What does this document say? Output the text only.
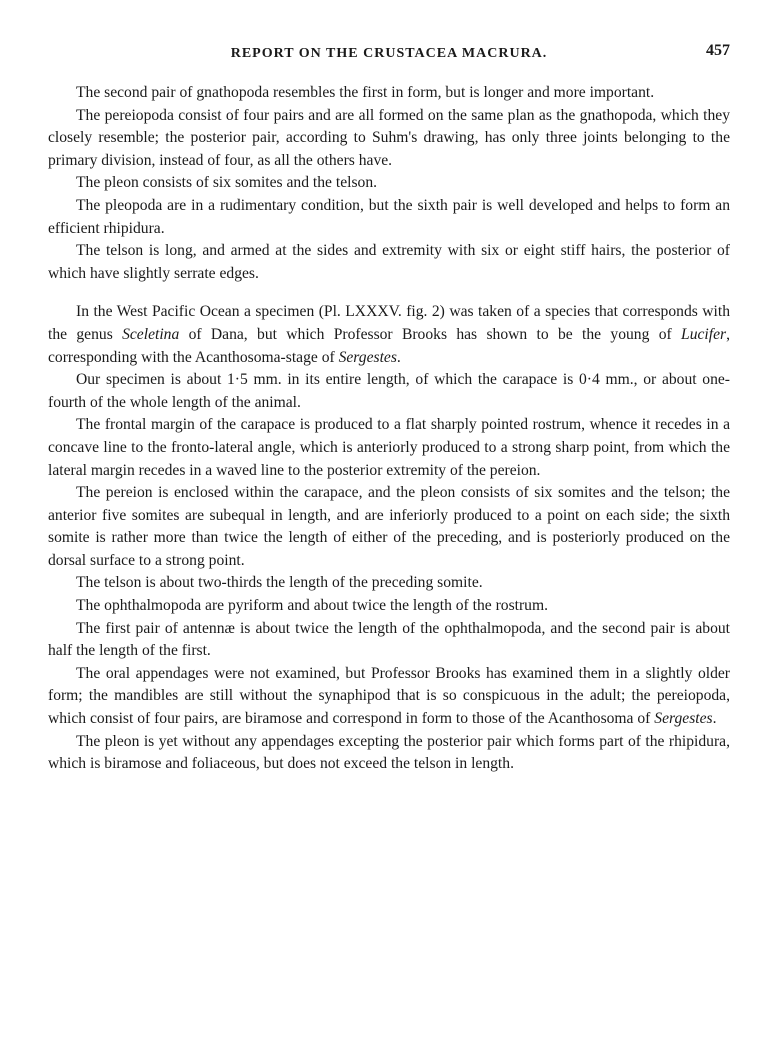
REPORT ON THE CRUSTACEA MACRURA.	457

The second pair of gnathopoda resembles the first in form, but is longer and more important.

The pereiopoda consist of four pairs and are all formed on the same plan as the gnathopoda, which they closely resemble; the posterior pair, according to Suhm's drawing, has only three joints belonging to the primary division, instead of four, as all the others have.

The pleon consists of six somites and the telson.

The pleopoda are in a rudimentary condition, but the sixth pair is well developed and helps to form an efficient rhipidura.

The telson is long, and armed at the sides and extremity with six or eight stiff hairs, the posterior of which have slightly serrate edges.

In the West Pacific Ocean a specimen (Pl. LXXXV. fig. 2) was taken of a species that corresponds with the genus Sceletina of Dana, but which Professor Brooks has shown to be the young of Lucifer, corresponding with the Acanthosoma-stage of Sergestes.

Our specimen is about 1·5 mm. in its entire length, of which the carapace is 0·4 mm., or about one-fourth of the whole length of the animal.

The frontal margin of the carapace is produced to a flat sharply pointed rostrum, whence it recedes in a concave line to the fronto-lateral angle, which is anteriorly produced to a strong sharp point, from which the lateral margin recedes in a waved line to the posterior extremity of the pereion.

The pereion is enclosed within the carapace, and the pleon consists of six somites and the telson; the anterior five somites are subequal in length, and are inferiorly produced to a point on each side; the sixth somite is rather more than twice the length of either of the preceding, and is posteriorly produced on the dorsal surface to a strong point.

The telson is about two-thirds the length of the preceding somite.

The ophthalmopoda are pyriform and about twice the length of the rostrum.

The first pair of antennæ is about twice the length of the ophthalmopoda, and the second pair is about half the length of the first.

The oral appendages were not examined, but Professor Brooks has examined them in a slightly older form; the mandibles are still without the synaphipod that is so conspicuous in the adult; the pereiopoda, which consist of four pairs, are biramose and correspond in form to those of the Acanthosoma of Sergestes.

The pleon is yet without any appendages excepting the posterior pair which forms part of the rhipidura, which is biramose and foliaceous, but does not exceed the telson in length.
